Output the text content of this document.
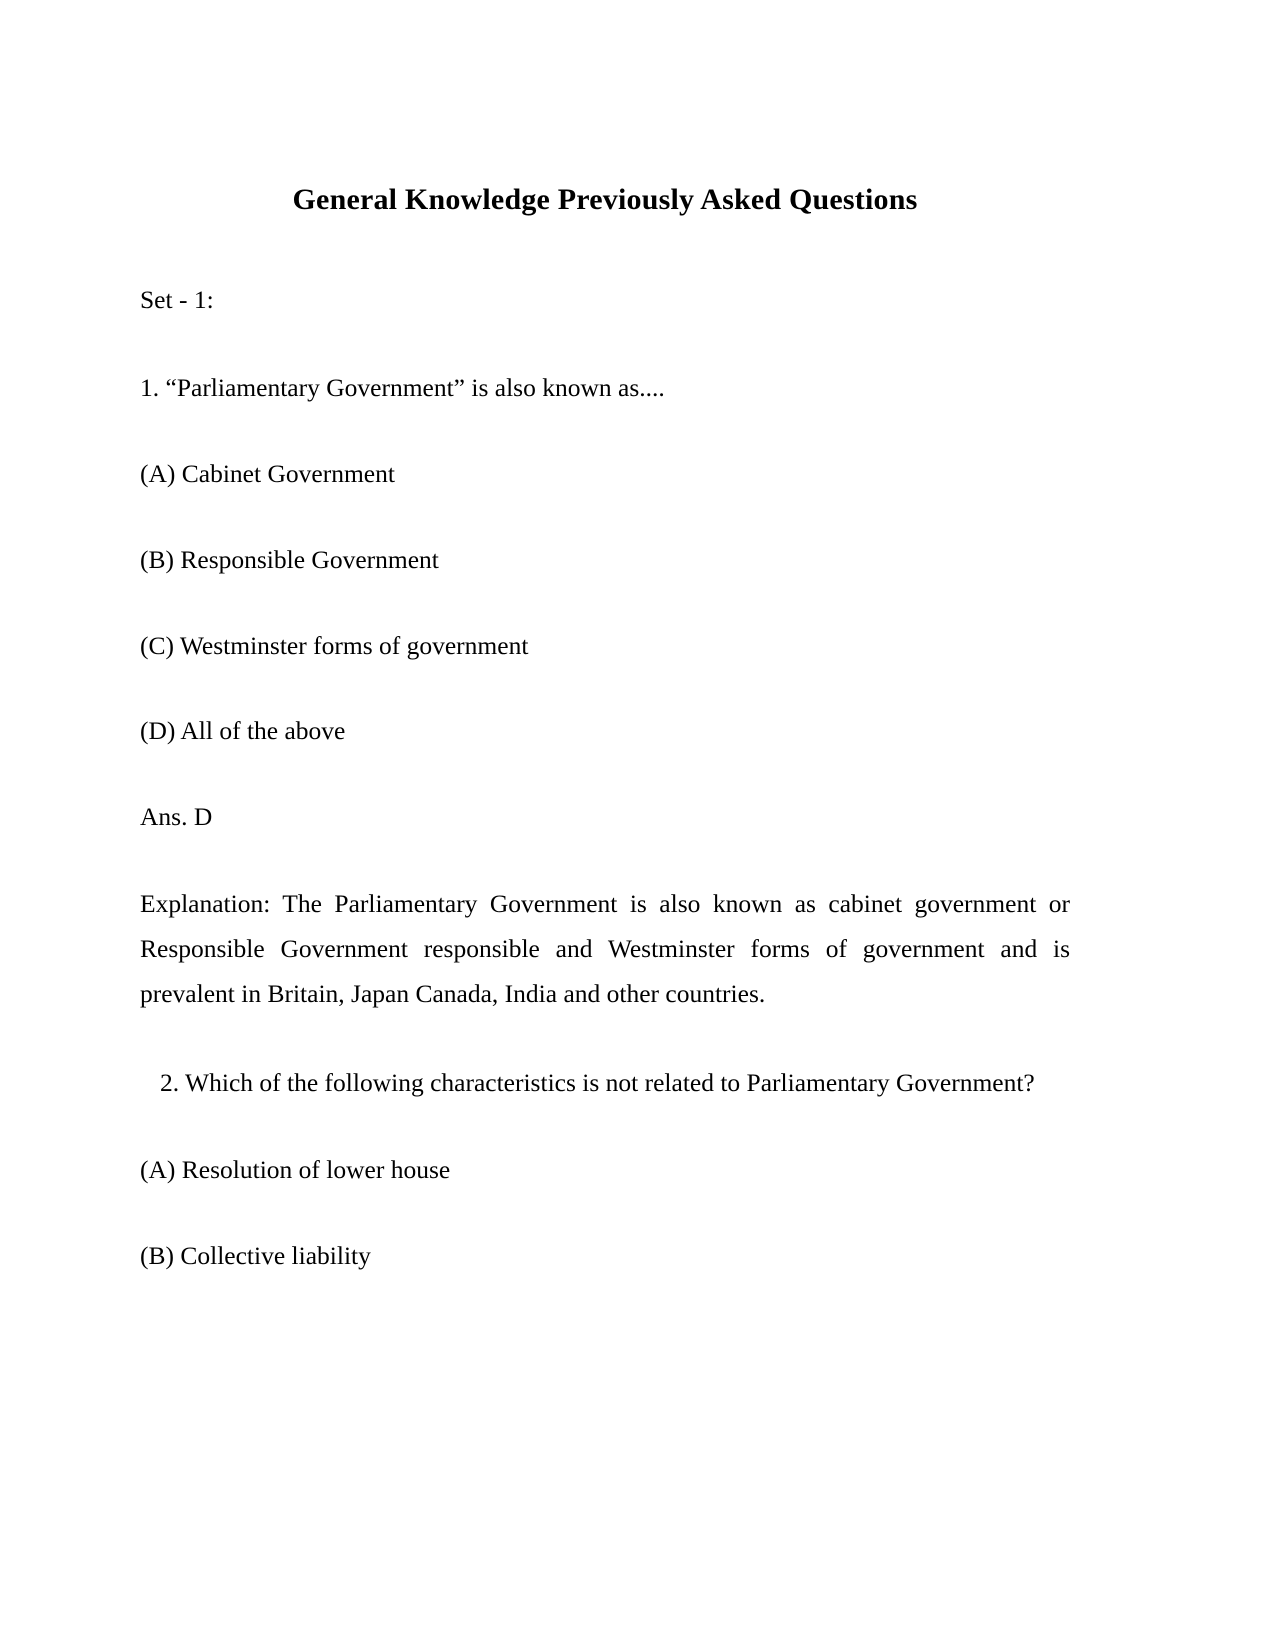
General Knowledge Previously Asked Questions

Set - 1:

1. “Parliamentary Government” is also known as....

(A) Cabinet Government

(B) Responsible Government

(C) Westminster forms of government

(D) All of the above

Ans. D

Explanation: The Parliamentary Government is also known as cabinet government or Responsible Government responsible and Westminster forms of government and is prevalent in Britain, Japan Canada, India and other countries.

2. Which of the following characteristics is not related to Parliamentary Government?

(A) Resolution of lower house

(B) Collective liability
